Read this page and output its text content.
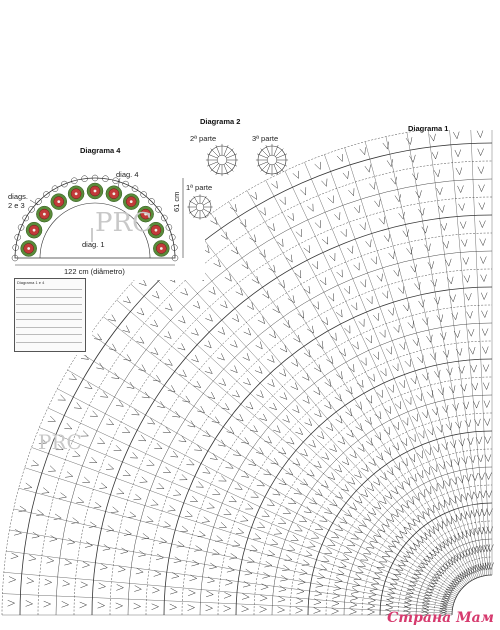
Diagrama 4
diag. 4
diags.
2 e 3
diag. 1
61 cm
122 cm (diâmetro)
Diagrama 2
2ª parte	3ª parte
1ª parte
Diagrama 1
Diagrama 1 e 4
PRC
PRC
Страна Мам
